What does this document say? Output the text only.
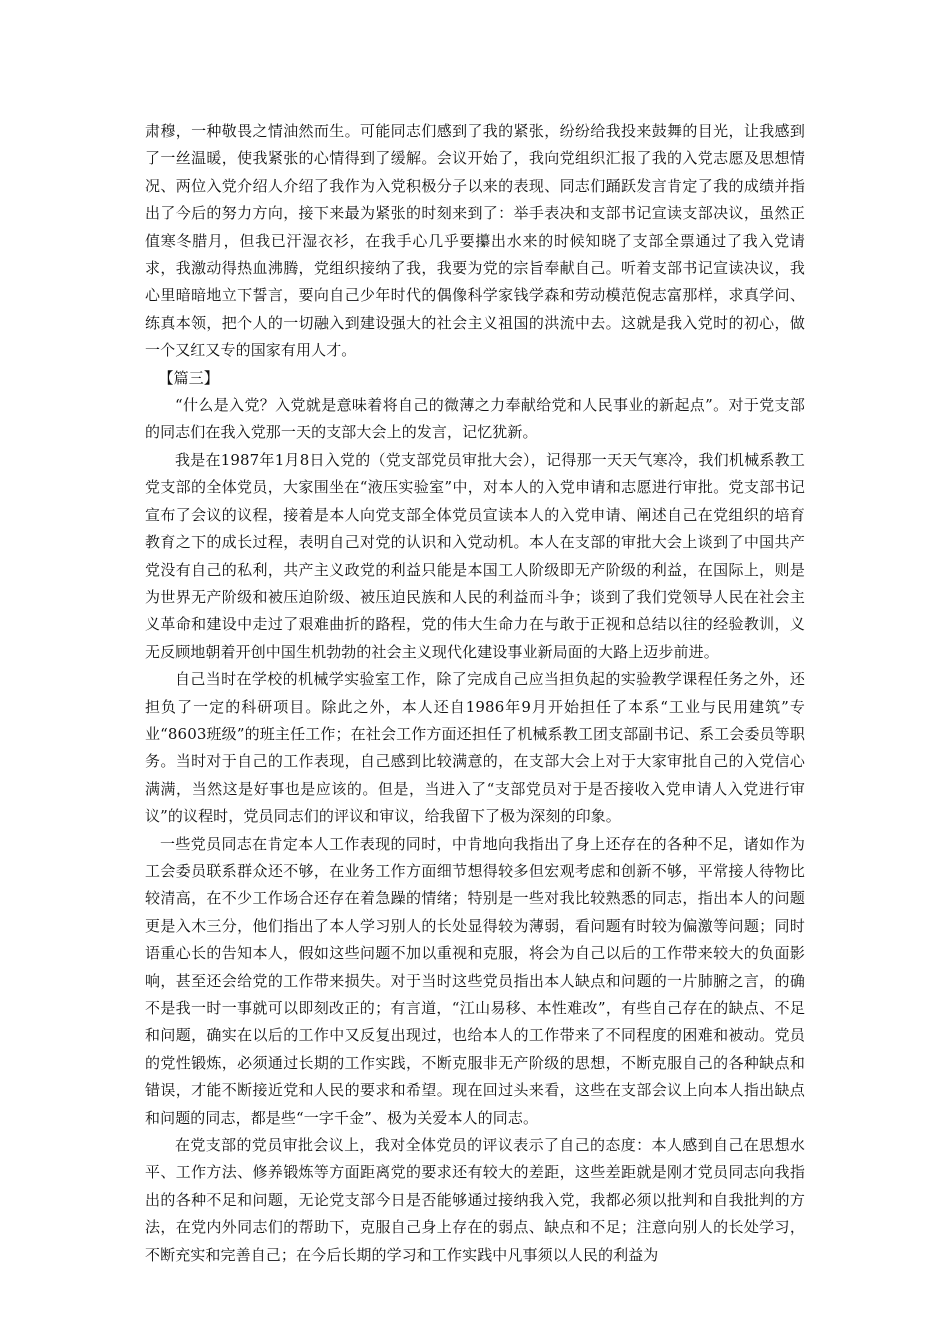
肃穆，一种敬畏之情油然而生。可能同志们感到了我的紧张，纷纷给我投来鼓舞的目光，让我感到了一丝温暖，使我紧张的心情得到了缓解。会议开始了，我向党组织汇报了我的入党志愿及思想情况、两位入党介绍人介绍了我作为入党积极分子以来的表现、同志们踊跃发言肯定了我的成绩并指出了今后的努力方向，接下来最为紧张的时刻来到了：举手表决和支部书记宣读支部决议，虽然正值寒冬腊月，但我已汗湿衣衫，在我手心几乎要攥出水来的时候知晓了支部全票通过了我入党请求，我激动得热血沸腾，党组织接纳了我，我要为党的宗旨奉献自己。听着支部书记宣读决议，我心里暗暗地立下誓言，要向自己少年时代的偶像科学家钱学森和劳动模范倪志富那样，求真学问、练真本领，把个人的一切融入到建设强大的社会主义祖国的洪流中去。这就是我入党时的初心，做一个又红又专的国家有用人才。

【篇三】

“什么是入党？入党就是意味着将自己的微薄之力奉献给党和人民事业的新起点”。对于党支部的同志们在我入党那一天的支部大会上的发言，记忆犹新。

我是在1987年1月8日入党的（党支部党员审批大会），记得那一天天气寒冷，我们机械系教工党支部的全体党员，大家围坐在“液压实验室”中，对本人的入党申请和志愿进行审批。党支部书记宣布了会议的议程，接着是本人向党支部全体党员宣读本人的入党申请、阐述自己在党组织的培育教育之下的成长过程，表明自己对党的认识和入党动机。本人在支部的审批大会上谈到了中国共产党没有自己的私利，共产主义政党的利益只能是本国工人阶级即无产阶级的利益，在国际上，则是为世界无产阶级和被压迫阶级、被压迫民族和人民的利益而斗争；谈到了我们党领导人民在社会主义革命和建设中走过了艰难曲折的路程，党的伟大生命力在与敢于正视和总结以往的经验教训，义无反顾地朝着开创中国生机勃勃的社会主义现代化建设事业新局面的大路上迈步前进。

自己当时在学校的机械学实验室工作，除了完成自己应当担负起的实验教学课程任务之外，还担负了一定的科研项目。除此之外，本人还自1986年9月开始担任了本系“工业与民用建筑”专业“8603班级”的班主任工作；在社会工作方面还担任了机械系教工团支部副书记、系工会委员等职务。当时对于自己的工作表现，自己感到比较满意的，在支部大会上对于大家审批自己的入党信心满满，当然这是好事也是应该的。但是，当进入了“支部党员对于是否接收入党申请人入党进行审议”的议程时，党员同志们的评议和审议，给我留下了极为深刻的印象。

一些党员同志在肯定本人工作表现的同时，中肯地向我指出了身上还存在的各种不足，诸如作为工会委员联系群众还不够，在业务工作方面细节想得较多但宏观考虑和创新不够，平常接人待物比较清高，在不少工作场合还存在着急躁的情绪；特别是一些对我比较熟悉的同志，指出本人的问题更是入木三分，他们指出了本人学习别人的长处显得较为薄弱，看问题有时较为偏激等问题；同时语重心长的告知本人，假如这些问题不加以重视和克服，将会为自己以后的工作带来较大的负面影响，甚至还会给党的工作带来损失。对于当时这些党员指出本人缺点和问题的一片肺腑之言，的确不是我一时一事就可以即刻改正的；有言道，“江山易移、本性难改”，有些自己存在的缺点、不足和问题，确实在以后的工作中又反复出现过，也给本人的工作带来了不同程度的困难和被动。党员的党性锻炼，必须通过长期的工作实践，不断克服非无产阶级的思想，不断克服自己的各种缺点和错误，才能不断接近党和人民的要求和希望。现在回过头来看，这些在支部会议上向本人指出缺点和问题的同志，都是些“一字千金”、极为关爱本人的同志。

在党支部的党员审批会议上，我对全体党员的评议表示了自己的态度：本人感到自己在思想水平、工作方法、修养锻炼等方面距离党的要求还有较大的差距，这些差距就是刚才党员同志向我指出的各种不足和问题，无论党支部今日是否能够通过接纳我入党，我都必须以批判和自我批判的方法，在党内外同志们的帮助下，克服自己身上存在的弱点、缺点和不足；注意向别人的长处学习，不断充实和完善自己；在今后长期的学习和工作实践中凡事须以人民的利益为
